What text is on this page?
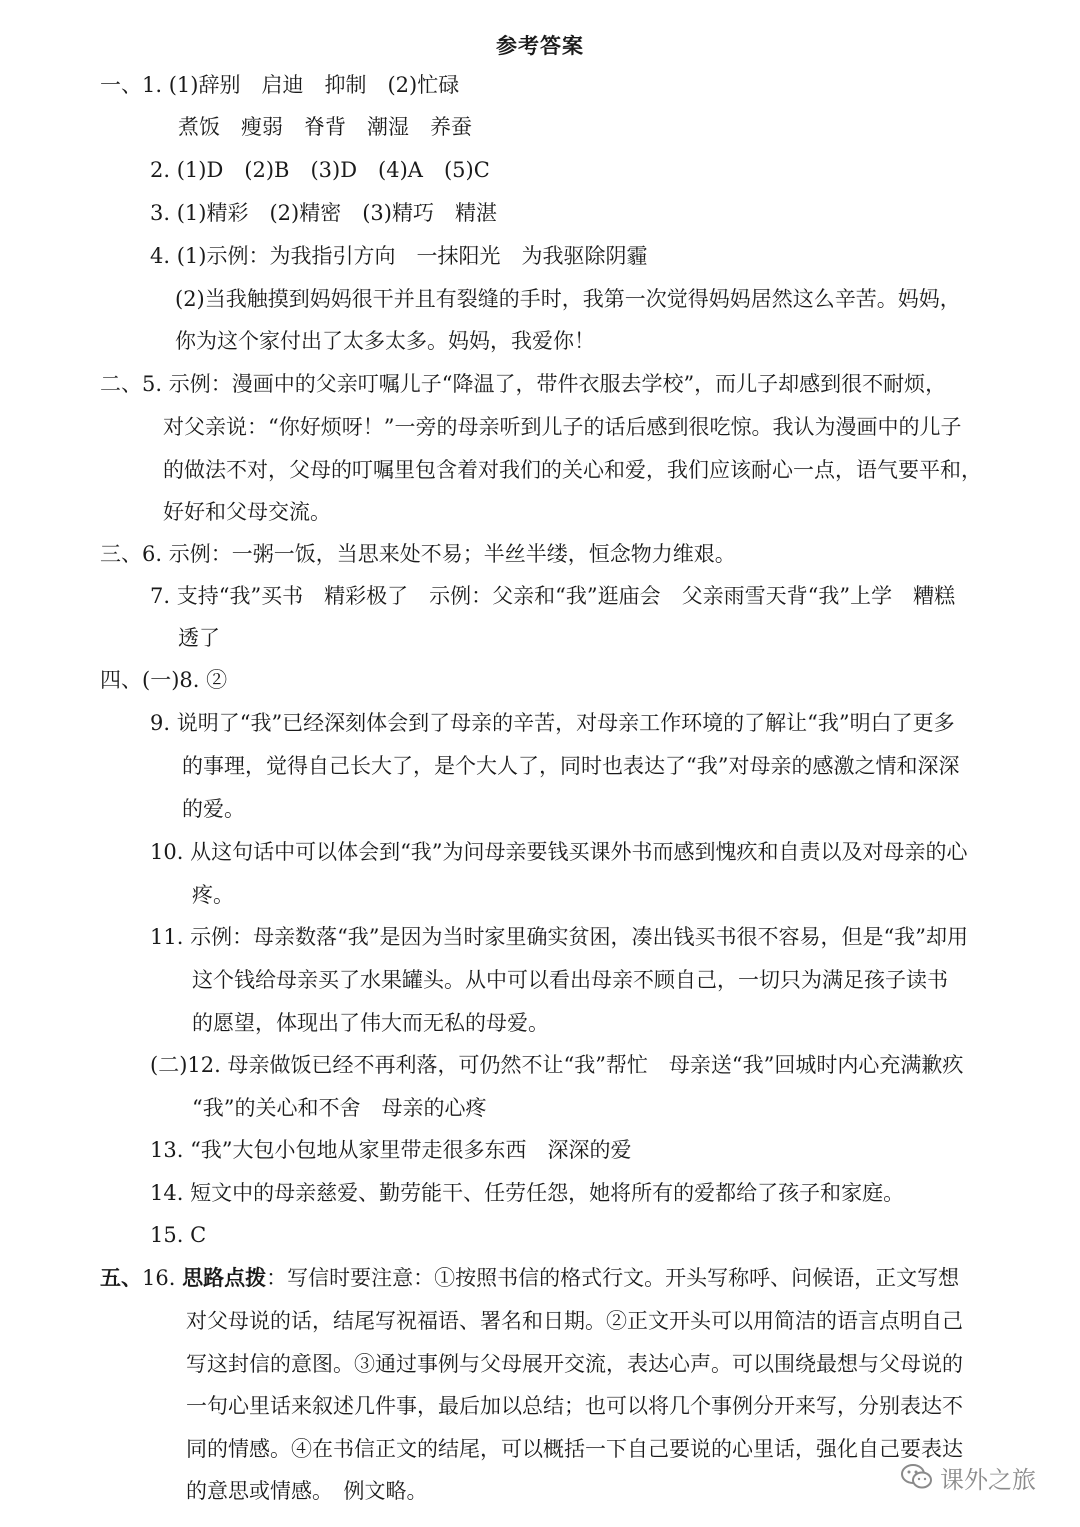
参考答案
一、1. (1)辞别　启迪　抑制　(2)忙碌
煮饭　瘦弱　脊背　潮湿　养蚕
2. (1)D　(2)B　(3)D　(4)A　(5)C
3. (1)精彩　(2)精密　(3)精巧　精湛
4. (1)示例：为我指引方向　一抹阳光　为我驱除阴霾
(2)当我触摸到妈妈很干并且有裂缝的手时，我第一次觉得妈妈居然这么辛苦。妈妈，
你为这个家付出了太多太多。妈妈，我爱你！
二、5. 示例：漫画中的父亲叮嘱儿子“降温了，带件衣服去学校”，而儿子却感到很不耐烦，
对父亲说：“你好烦呀！”一旁的母亲听到儿子的话后感到很吃惊。我认为漫画中的儿子
的做法不对，父母的叮嘱里包含着对我们的关心和爱，我们应该耐心一点，语气要平和，
好好和父母交流。
三、6. 示例：一粥一饭，当思来处不易；半丝半缕，恒念物力维艰。
7. 支持“我”买书　精彩极了　示例：父亲和“我”逛庙会　父亲雨雪天背“我”上学　糟糕
透了
四、(一)8. ②
9. 说明了“我”已经深刻体会到了母亲的辛苦，对母亲工作环境的了解让“我”明白了更多
的事理，觉得自己长大了，是个大人了，同时也表达了“我”对母亲的感激之情和深深
的爱。
10. 从这句话中可以体会到“我”为问母亲要钱买课外书而感到愧疚和自责以及对母亲的心
疼。
11. 示例：母亲数落“我”是因为当时家里确实贫困，凑出钱买书很不容易，但是“我”却用
这个钱给母亲买了水果罐头。从中可以看出母亲不顾自己，一切只为满足孩子读书
的愿望，体现出了伟大而无私的母爱。
(二)12. 母亲做饭已经不再利落，可仍然不让“我”帮忙　母亲送“我”回城时内心充满歉疚
“我”的关心和不舍　母亲的心疼
13. “我”大包小包地从家里带走很多东西　深深的爱
14. 短文中的母亲慈爱、勤劳能干、任劳任怨，她将所有的爱都给了孩子和家庭。
15. C
五、16. 思路点拨：写信时要注意：①按照书信的格式行文。开头写称呼、问候语，正文写想
对父母说的话，结尾写祝福语、署名和日期。②正文开头可以用简洁的语言点明自己
写这封信的意图。③通过事例与父母展开交流，表达心声。可以围绕最想与父母说的
一句心里话来叙述几件事，最后加以总结；也可以将几个事例分开来写，分别表达不
同的情感。④在书信正文的结尾，可以概括一下自己要说的心里话，强化自己要表达
的意思或情感。　例文略。	课外之旅
